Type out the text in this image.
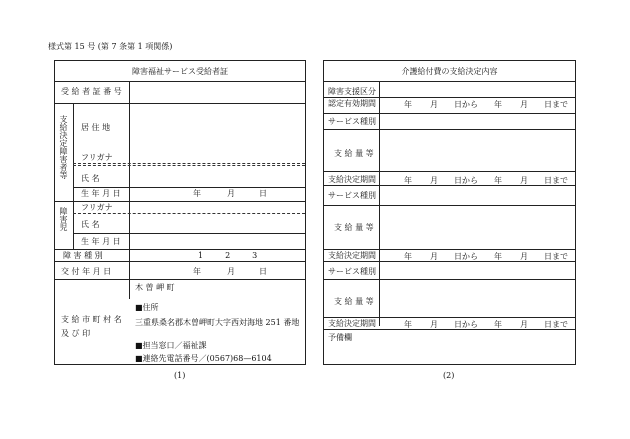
様式第 15 号 (第 7 条第 1 項関係)
障害福祉サービス受給者証
受 給 者 証 番 号
支給決定障害者等 居 住 地
フリガナ
氏 名
生 年 月 日	年	月	日
障害児 フリガナ
氏 名
生 年 月 日
障 害 種 別	1　　2　　3
交 付 年 月 日	年	月	日
支 給 市 町 村 名 及 び 印
木 曽 岬 町
■住所
三重県桑名郡木曽岬町大字西対海地 251 番地
■担当窓口／福祉課
■連絡先電話番号／(0567)68—6104
(1)
介護給付費の支給決定内容
障害支援区分
認定有効期間	年 月 日から 年 月 日まで
サービス種別
支 給 量 等
支給決定期間	年 月 日から 年 月 日まで
サービス種別
支 給 量 等
支給決定期間	年 月 日から 年 月 日まで
サービス種別
支 給 量 等
支給決定期間	年 月 日から 年 月 日まで
予備欄
(2)
